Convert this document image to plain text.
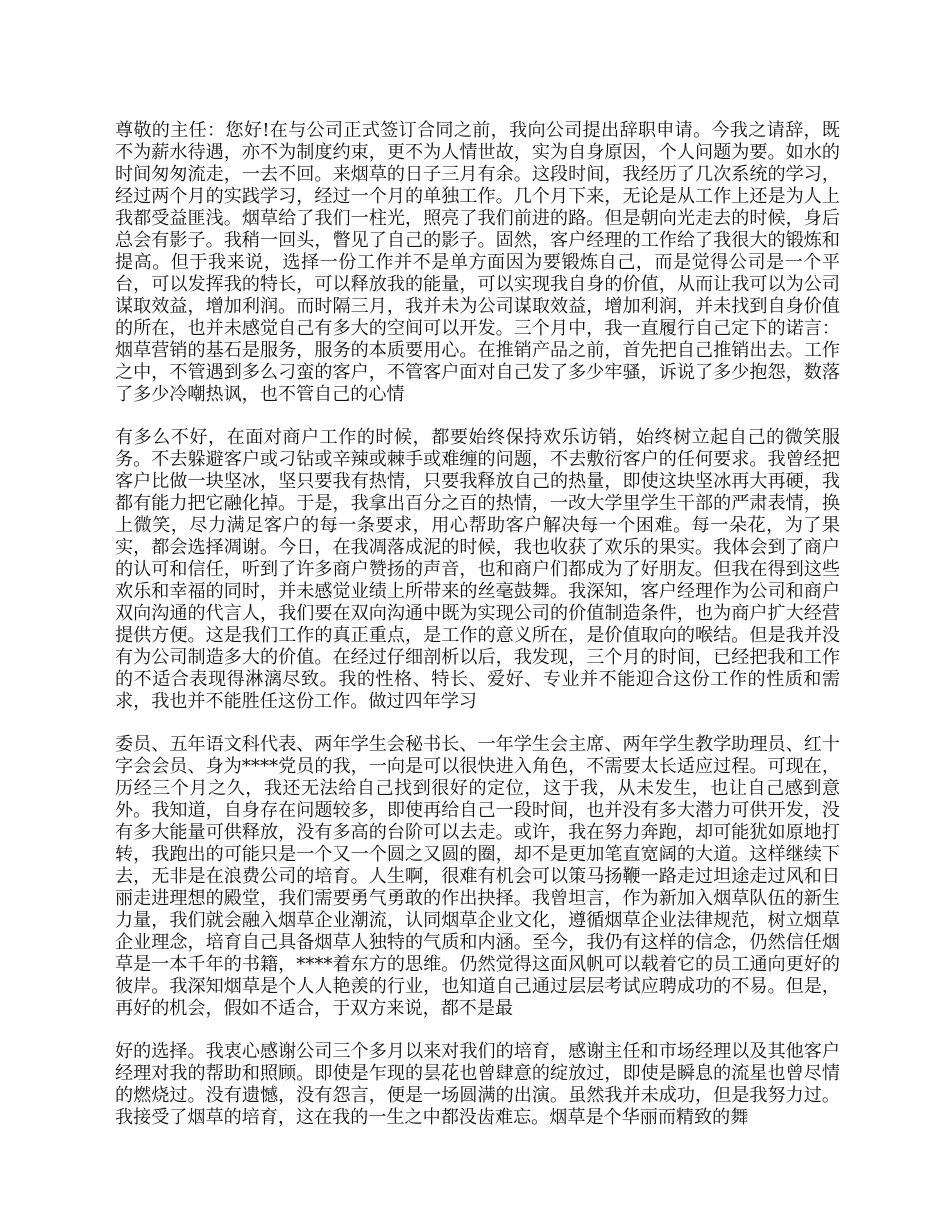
尊敬的主任：您好!在与公司正式签订合同之前，我向公司提出辞职申请。今我之请辞，既不为薪水待遇，亦不为制度约束，更不为人情世故，实为自身原因，个人问题为要。如水的时间匆匆流走，一去不回。来烟草的日子三月有余。这段时间，我经历了几次系统的学习，经过两个月的实践学习，经过一个月的单独工作。几个月下来，无论是从工作上还是为人上我都受益匪浅。烟草给了我们一柱光，照亮了我们前进的路。但是朝向光走去的时候，身后总会有影子。我稍一回头，瞥见了自己的影子。固然，客户经理的工作给了我很大的锻炼和提高。但于我来说，选择一份工作并不是单方面因为要锻炼自己，而是觉得公司是一个平台，可以发挥我的特长，可以释放我的能量，可以实现我自身的价值，从而让我可以为公司谋取效益，增加利润。而时隔三月，我并未为公司谋取效益，增加利润，并未找到自身价值的所在，也并未感觉自己有多大的空间可以开发。三个月中，我一直履行自己定下的诺言：烟草营销的基石是服务，服务的本质要用心。在推销产品之前，首先把自己推销出去。工作之中，不管遇到多么刁蛮的客户，不管客户面对自己发了多少牢骚，诉说了多少抱怨，数落了多少冷嘲热讽，也不管自己的心情

有多么不好，在面对商户工作的时候，都要始终保持欢乐访销，始终树立起自己的微笑服务。不去躲避客户或刁钻或辛辣或棘手或难缠的问题，不去敷衍客户的任何要求。我曾经把客户比做一块坚冰，坚只要我有热情，只要我释放自己的热量，即使这块坚冰再大再硬，我都有能力把它融化掉。于是，我拿出百分之百的热情，一改大学里学生干部的严肃表情，换上微笑，尽力满足客户的每一条要求，用心帮助客户解决每一个困难。每一朵花，为了果实，都会选择凋谢。今日，在我凋落成泥的时候，我也收获了欢乐的果实。我体会到了商户的认可和信任，听到了许多商户赞扬的声音，也和商户们都成为了好朋友。但我在得到这些欢乐和幸福的同时，并未感觉业绩上所带来的丝毫鼓舞。我深知，客户经理作为公司和商户双向沟通的代言人，我们要在双向沟通中既为实现公司的价值制造条件，也为商户扩大经营提供方便。这是我们工作的真正重点，是工作的意义所在，是价值取向的喉结。但是我并没有为公司制造多大的价值。在经过仔细剖析以后，我发现，三个月的时间，已经把我和工作的不适合表现得淋漓尽致。我的性格、特长、爱好、专业并不能迎合这份工作的性质和需求，我也并不能胜任这份工作。做过四年学习

委员、五年语文科代表、两年学生会秘书长、一年学生会主席、两年学生教学助理员、红十字会会员、身为****党员的我，一向是可以很快进入角色，不需要太长适应过程。可现在，历经三个月之久，我还无法给自己找到很好的定位，这于我，从未发生，也让自己感到意外。我知道，自身存在问题较多，即使再给自己一段时间，也并没有多大潜力可供开发，没有多大能量可供释放，没有多高的台阶可以去走。或许，我在努力奔跑，却可能犹如原地打转，我跑出的可能只是一个又一个圆之又圆的圈，却不是更加笔直宽阔的大道。这样继续下去，无非是在浪费公司的培育。人生啊，很难有机会可以策马扬鞭一路走过坦途走过风和日丽走进理想的殿堂，我们需要勇气勇敢的作出抉择。我曾坦言，作为新加入烟草队伍的新生力量，我们就会融入烟草企业潮流，认同烟草企业文化，遵循烟草企业法律规范，树立烟草企业理念，培育自己具备烟草人独特的气质和内涵。至今，我仍有这样的信念，仍然信任烟草是一本千年的书籍，****着东方的思维。仍然觉得这面风帆可以载着它的员工通向更好的彼岸。我深知烟草是个人人艳羡的行业，也知道自己通过层层考试应聘成功的不易。但是，再好的机会，假如不适合，于双方来说，都不是最

好的选择。我衷心感谢公司三个多月以来对我们的培育，感谢主任和市场经理以及其他客户经理对我的帮助和照顾。即使是乍现的昙花也曾肆意的绽放过，即使是瞬息的流星也曾尽情的燃烧过。没有遗憾，没有怨言，便是一场圆满的出演。虽然我并未成功，但是我努力过。我接受了烟草的培育，这在我的一生之中都没齿难忘。烟草是个华丽而精致的舞
